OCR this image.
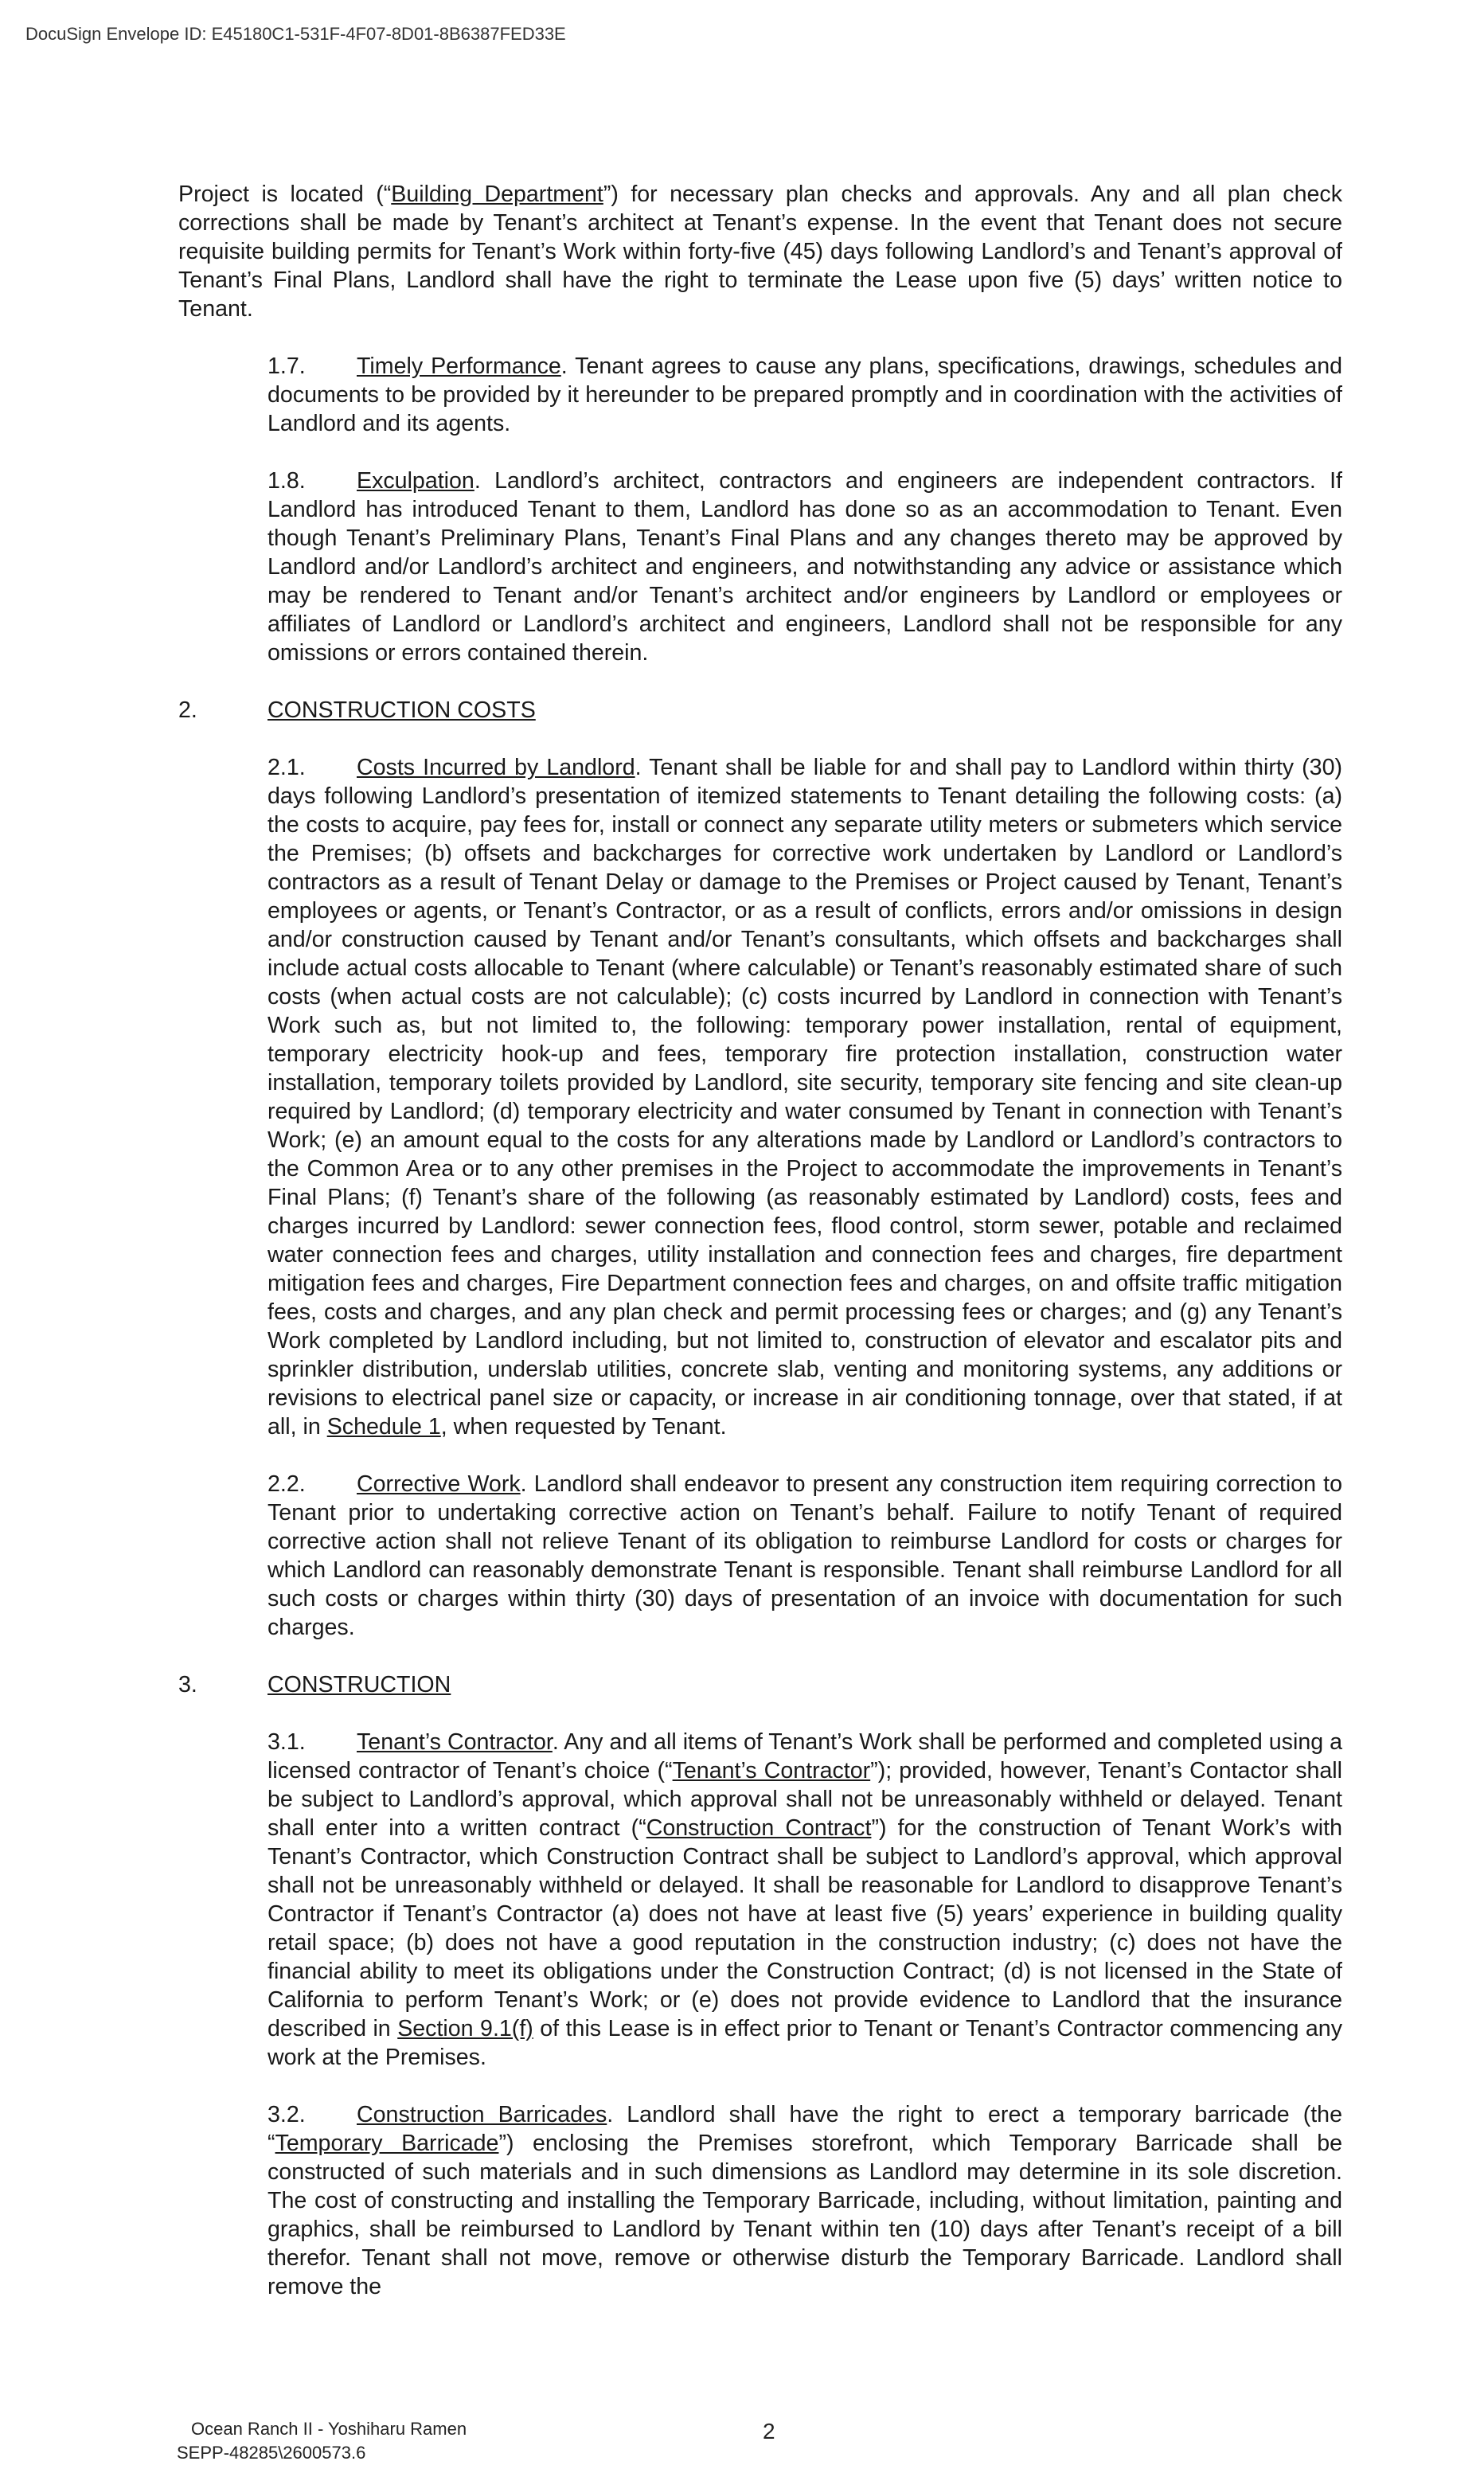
DocuSign Envelope ID: E45180C1-531F-4F07-8D01-8B6387FED33E

Project is located (“Building Department”) for necessary plan checks and approvals. Any and all plan check corrections shall be made by Tenant’s architect at Tenant’s expense. In the event that Tenant does not secure requisite building permits for Tenant’s Work within forty-five (45) days following Landlord’s and Tenant’s approval of Tenant’s Final Plans, Landlord shall have the right to terminate the Lease upon five (5) days’ written notice to Tenant.

1.7. Timely Performance. Tenant agrees to cause any plans, specifications, drawings, schedules and documents to be provided by it hereunder to be prepared promptly and in coordination with the activities of Landlord and its agents.

1.8. Exculpation. Landlord’s architect, contractors and engineers are independent contractors. If Landlord has introduced Tenant to them, Landlord has done so as an accommodation to Tenant. Even though Tenant’s Preliminary Plans, Tenant’s Final Plans and any changes thereto may be approved by Landlord and/or Landlord’s architect and engineers, and notwithstanding any advice or assistance which may be rendered to Tenant and/or Tenant’s architect and/or engineers by Landlord or employees or affiliates of Landlord or Landlord’s architect and engineers, Landlord shall not be responsible for any omissions or errors contained therein.

2.	CONSTRUCTION COSTS

2.1. Costs Incurred by Landlord. Tenant shall be liable for and shall pay to Landlord within thirty (30) days following Landlord’s presentation of itemized statements to Tenant detailing the following costs: (a) the costs to acquire, pay fees for, install or connect any separate utility meters or submeters which service the Premises; (b) offsets and backcharges for corrective work undertaken by Landlord or Landlord’s contractors as a result of Tenant Delay or damage to the Premises or Project caused by Tenant, Tenant’s employees or agents, or Tenant’s Contractor, or as a result of conflicts, errors and/or omissions in design and/or construction caused by Tenant and/or Tenant’s consultants, which offsets and backcharges shall include actual costs allocable to Tenant (where calculable) or Tenant’s reasonably estimated share of such costs (when actual costs are not calculable); (c) costs incurred by Landlord in connection with Tenant’s Work such as, but not limited to, the following: temporary power installation, rental of equipment, temporary electricity hook-up and fees, temporary fire protection installation, construction water installation, temporary toilets provided by Landlord, site security, temporary site fencing and site clean-up required by Landlord; (d) temporary electricity and water consumed by Tenant in connection with Tenant’s Work; (e) an amount equal to the costs for any alterations made by Landlord or Landlord’s contractors to the Common Area or to any other premises in the Project to accommodate the improvements in Tenant’s Final Plans; (f) Tenant’s share of the following (as reasonably estimated by Landlord) costs, fees and charges incurred by Landlord: sewer connection fees, flood control, storm sewer, potable and reclaimed water connection fees and charges, utility installation and connection fees and charges, fire department mitigation fees and charges, Fire Department connection fees and charges, on and offsite traffic mitigation fees, costs and charges, and any plan check and permit processing fees or charges; and (g) any Tenant’s Work completed by Landlord including, but not limited to, construction of elevator and escalator pits and sprinkler distribution, underslab utilities, concrete slab, venting and monitoring systems, any additions or revisions to electrical panel size or capacity, or increase in air conditioning tonnage, over that stated, if at all, in Schedule 1, when requested by Tenant.

2.2. Corrective Work. Landlord shall endeavor to present any construction item requiring correction to Tenant prior to undertaking corrective action on Tenant’s behalf. Failure to notify Tenant of required corrective action shall not relieve Tenant of its obligation to reimburse Landlord for costs or charges for which Landlord can reasonably demonstrate Tenant is responsible. Tenant shall reimburse Landlord for all such costs or charges within thirty (30) days of presentation of an invoice with documentation for such charges.

3.	CONSTRUCTION

3.1. Tenant’s Contractor. Any and all items of Tenant’s Work shall be performed and completed using a licensed contractor of Tenant’s choice (“Tenant’s Contractor”); provided, however, Tenant’s Contactor shall be subject to Landlord’s approval, which approval shall not be unreasonably withheld or delayed. Tenant shall enter into a written contract (“Construction Contract”) for the construction of Tenant Work’s with Tenant’s Contractor, which Construction Contract shall be subject to Landlord’s approval, which approval shall not be unreasonably withheld or delayed. It shall be reasonable for Landlord to disapprove Tenant’s Contractor if Tenant’s Contractor (a) does not have at least five (5) years’ experience in building quality retail space; (b) does not have a good reputation in the construction industry; (c) does not have the financial ability to meet its obligations under the Construction Contract; (d) is not licensed in the State of California to perform Tenant’s Work; or (e) does not provide evidence to Landlord that the insurance described in Section 9.1(f) of this Lease is in effect prior to Tenant or Tenant’s Contractor commencing any work at the Premises.

3.2. Construction Barricades. Landlord shall have the right to erect a temporary barricade (the “Temporary Barricade”) enclosing the Premises storefront, which Temporary Barricade shall be constructed of such materials and in such dimensions as Landlord may determine in its sole discretion. The cost of constructing and installing the Temporary Barricade, including, without limitation, painting and graphics, shall be reimbursed to Landlord by Tenant within ten (10) days after Tenant’s receipt of a bill therefor. Tenant shall not move, remove or otherwise disturb the Temporary Barricade. Landlord shall remove the

Ocean Ranch II - Yoshiharu Ramen
SEPP-48285\2600573.6
2
